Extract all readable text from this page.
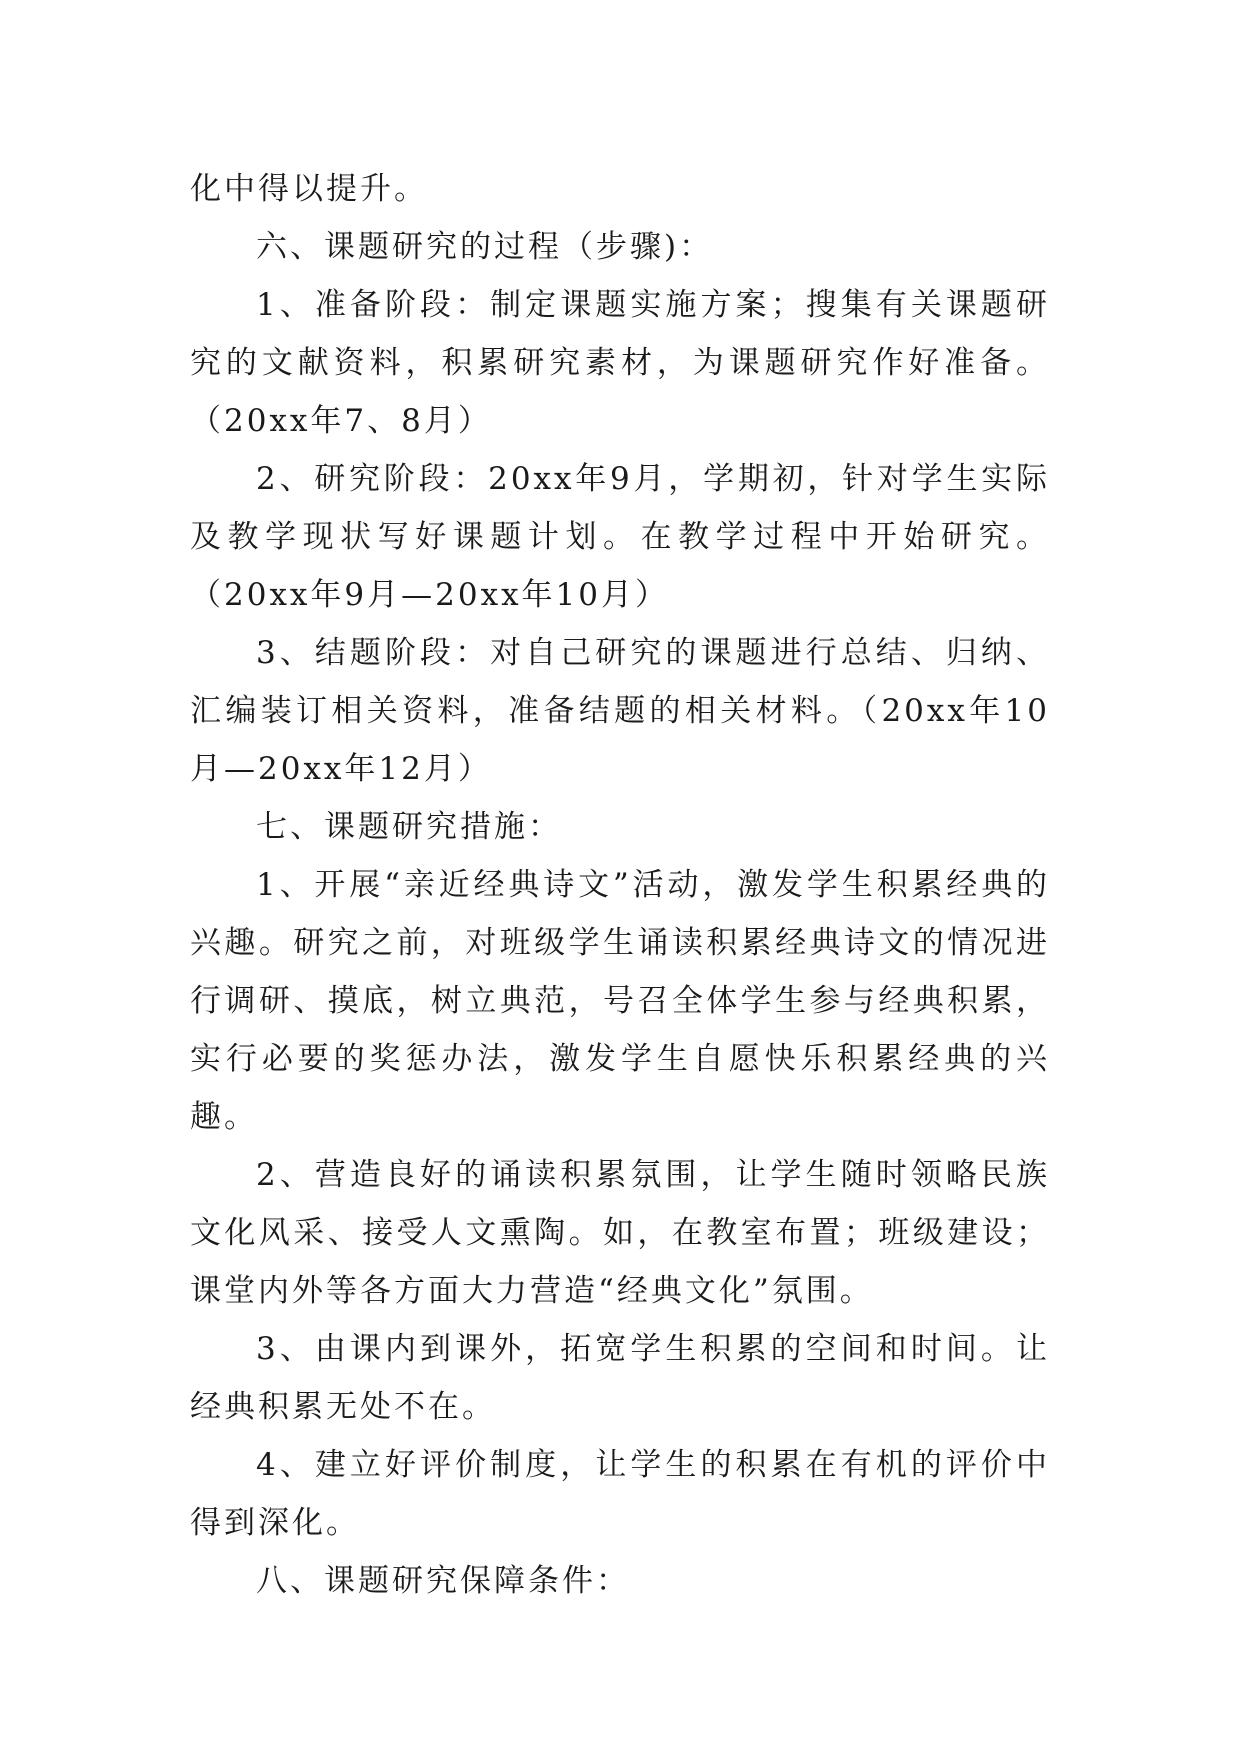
化中得以提升。

六、课题研究的过程（步骤)：

1、准备阶段：制定课题实施方案；搜集有关课题研究的文献资料，积累研究素材，为课题研究作好准备。（20xx年7、8月）

2、研究阶段：20xx年9月，学期初，针对学生实际及教学现状写好课题计划。在教学过程中开始研究。（20xx年9月—20xx年10月）

3、结题阶段：对自己研究的课题进行总结、归纳、汇编装订相关资料，准备结题的相关材料。（20xx年10月—20xx年12月）

七、课题研究措施：

1、开展“亲近经典诗文”活动，激发学生积累经典的兴趣。研究之前，对班级学生诵读积累经典诗文的情况进行调研、摸底，树立典范，号召全体学生参与经典积累，实行必要的奖惩办法，激发学生自愿快乐积累经典的兴趣。

2、营造良好的诵读积累氛围，让学生随时领略民族文化风采、接受人文熏陶。如，在教室布置；班级建设；课堂内外等各方面大力营造“经典文化”氛围。

3、由课内到课外，拓宽学生积累的空间和时间。让经典积累无处不在。

4、建立好评价制度，让学生的积累在有机的评价中得到深化。

八、课题研究保障条件：
